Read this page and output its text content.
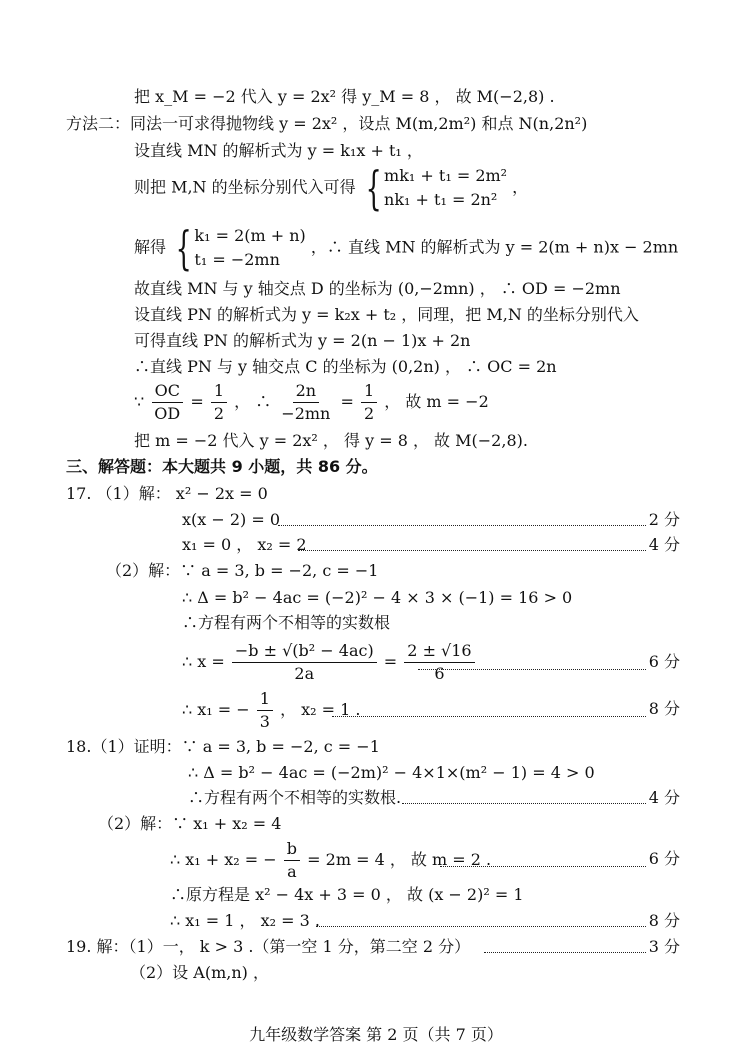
把 x_M = −2 代入 y = 2x² 得 y_M = 8 ， 故 M(−2,8) .
方法二：同法一可求得抛物线 y = 2x² ，设点 M(m,2m²) 和点 N(n,2n²)
设直线 MN 的解析式为 y = k₁x + t₁ ，
则把 M,N 的坐标分别代入可得 { mk₁ + t₁ = 2m²
nk₁ + t₁ = 2n²
，
解得 { k₁ = 2(m + n)
t₁ = −2mn
，∴ 直线 MN 的解析式为 y = 2(m + n)x − 2mn
故直线 MN 与 y 轴交点 D 的坐标为 (0,−2mn) ， ∴ OD = −2mn
设直线 PN 的解析式为 y = k₂x + t₂ ，同理，把 M,N 的坐标分别代入
可得直线 PN 的解析式为 y = 2(n − 1)x + 2n
∴直线 PN 与 y 轴交点 C 的坐标为 (0,2n) ， ∴ OC = 2n
∵ $\frac{OC}{OD} = \frac{1}{2}$ ， ∴ $\frac{2n}{-2mn} = \frac{1}{2}$ ， 故 m = −2
把 m = −2 代入 y = 2x² ， 得 y = 8 ， 故 M(−2,8).
三、解答题：本大题共 9 小题，共 86 分。
17. （1）解： x² − 2x = 0
x(x − 2) = 0	2 分
x₁ = 0 ， x₂ = 2	4 分
（2）解：∵ a = 3, b = −2, c = −1
∴ Δ = b² − 4ac = (−2)² − 4 × 3 × (−1) = 16 > 0
∴方程有两个不相等的实数根
∴ $x = \frac{\text{−b ± √(b² − 4ac)}}{2a} = \frac{2 \pm √16}{6}$	6 分
∴ x₁ = − $\frac{1}{3}$ ， x₂ = 1 .	8 分
18.（1）证明：∵ a = 3, b = −2, c = −1
∴ Δ = b² − 4ac = (−2m)² − 4×1×(m² − 1) = 4 > 0
∴方程有两个不相等的实数根.	4 分
（2）解：∵ x₁ + x₂ = 4
∴ x₁ + x₂ = − $\frac{b}{a} = 2m = 4$ ， 故 m = 2 .	6 分
∴原方程是 x² − 4x + 3 = 0 ， 故 (x − 2)² = 1
∴ x₁ = 1 ， x₂ = 3 .	8 分
19. 解：（1）一， k > 3 .（第一空 1 分，第二空 2 分）	3 分
（2）设 A(m,n) ，
九年级数学答案 第 2 页（共 7 页）
